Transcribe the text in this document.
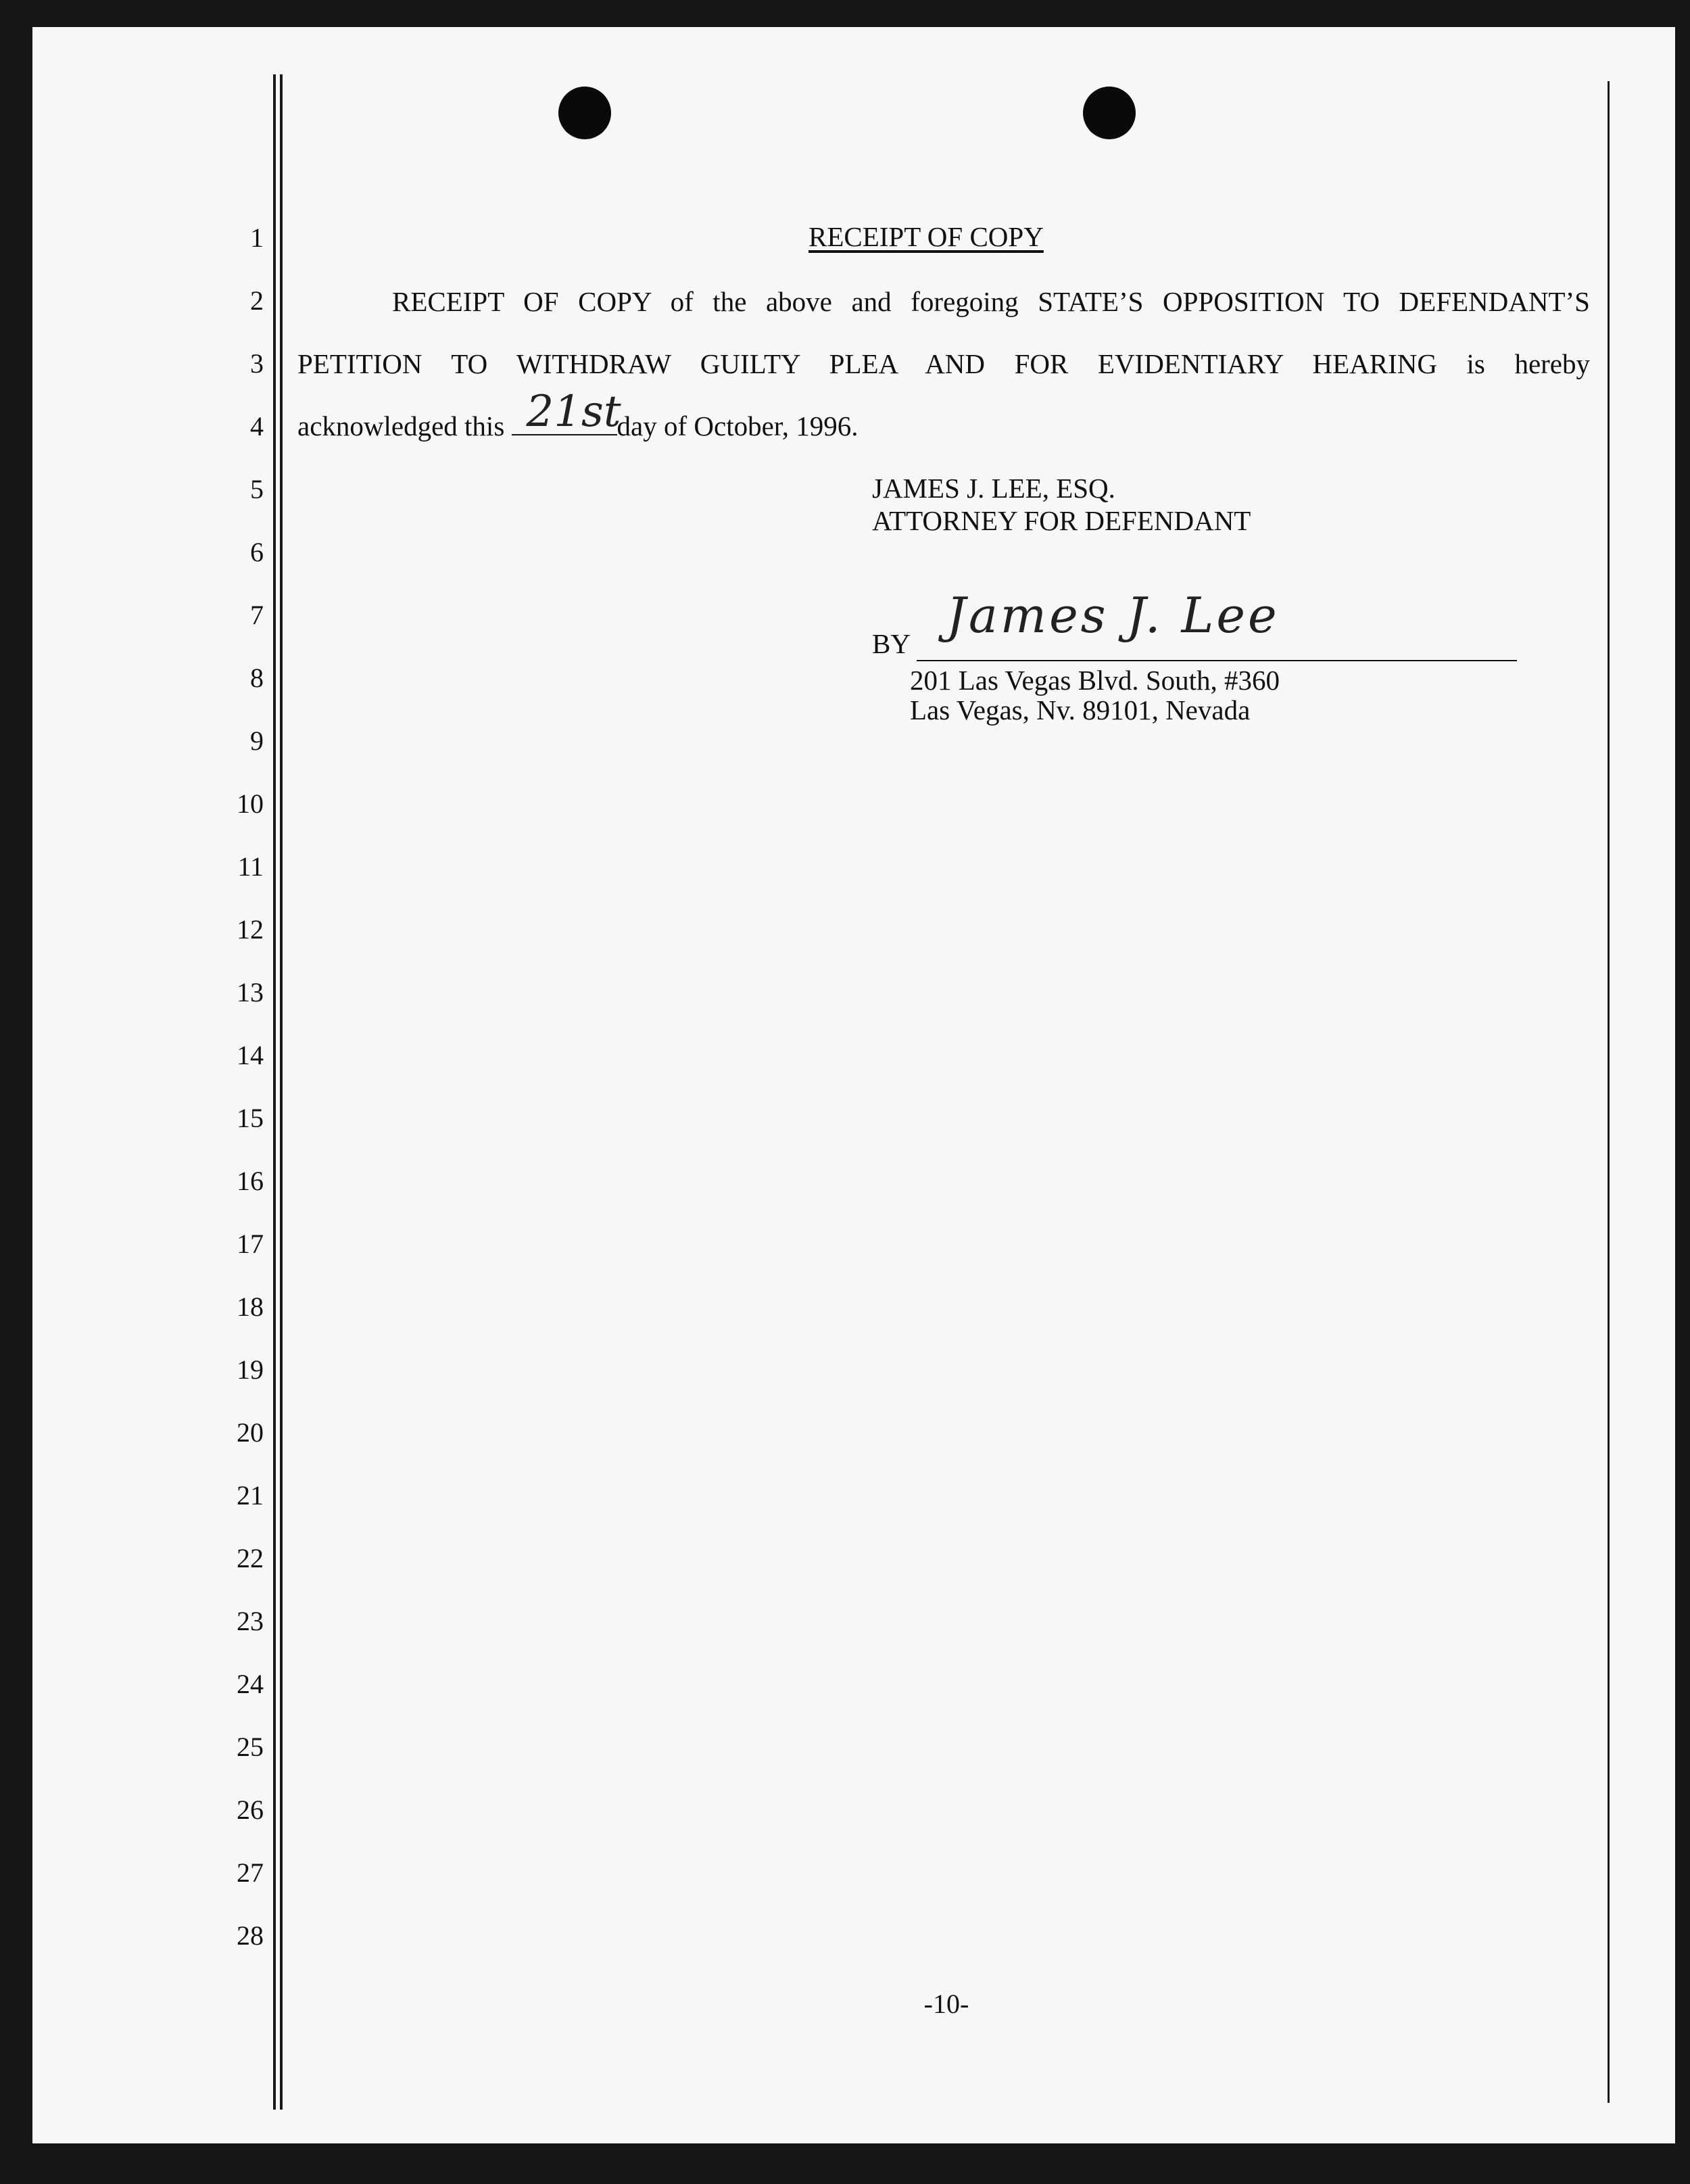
1
2
3
4
5
6
7
8
9
10
11
12
13
14
15
16
17
18
19
20
21
22
23
24
25
26
27
28
RECEIPT OF COPY
RECEIPT OF COPY of the above and foregoing STATE’S OPPOSITION TO DEFENDANT’S
PETITION TO WITHDRAW GUILTY PLEA AND FOR EVIDENTIARY HEARING is hereby
acknowledged this 21st
day of October, 1996.
JAMES J. LEE, ESQ.
ATTORNEY FOR DEFENDANT
BY James J. Lee
201 Las Vegas Blvd. South, #360
Las Vegas, Nv. 89101, Nevada
-10-
